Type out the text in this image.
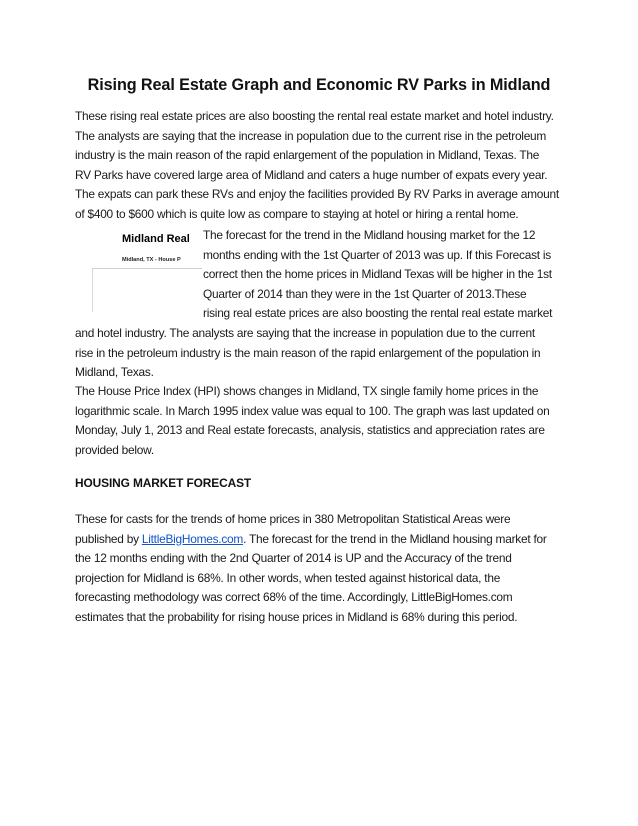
Rising Real Estate Graph and Economic RV Parks in Midland
These rising real estate prices are also boosting the rental real estate market and hotel industry.
The analysts are saying that the increase in population due to the current rise in the petroleum
industry is the main reason of the rapid enlargement of the population in Midland, Texas. The
RV Parks have covered large area of Midland and caters a huge number of expats every year.
The expats can park these RVs and enjoy the facilities provided By RV Parks in average amount
of $400 to $600 which is quite low as compare to staying at hotel or hiring a rental home.
Midland Real
Midland, TX - House P
The forecast for the trend in the Midland housing market for the 12
months ending with the 1st Quarter of 2013 was up. If this Forecast is
correct then the home prices in Midland Texas will be higher in the 1st
Quarter of 2014 than they were in the 1st Quarter of 2013.These
rising real estate prices are also boosting the rental real estate market
and hotel industry. The analysts are saying that the increase in population due to the current
rise in the petroleum industry is the main reason of the rapid enlargement of the population in
Midland, Texas.
The House Price Index (HPI) shows changes in Midland, TX single family home prices in the
logarithmic scale. In March 1995 index value was equal to 100. The graph was last updated on
Monday, July 1, 2013 and Real estate forecasts, analysis, statistics and appreciation rates are
provided below.
HOUSING MARKET FORECAST
These for casts for the trends of home prices in 380 Metropolitan Statistical Areas were
published by LittleBigHomes.com. The forecast for the trend in the Midland housing market for
the 12 months ending with the 2nd Quarter of 2014 is UP and the Accuracy of the trend
projection for Midland is 68%. In other words, when tested against historical data, the
forecasting methodology was correct 68% of the time. Accordingly, LittleBigHomes.com
estimates that the probability for rising house prices in Midland is 68% during this period.
